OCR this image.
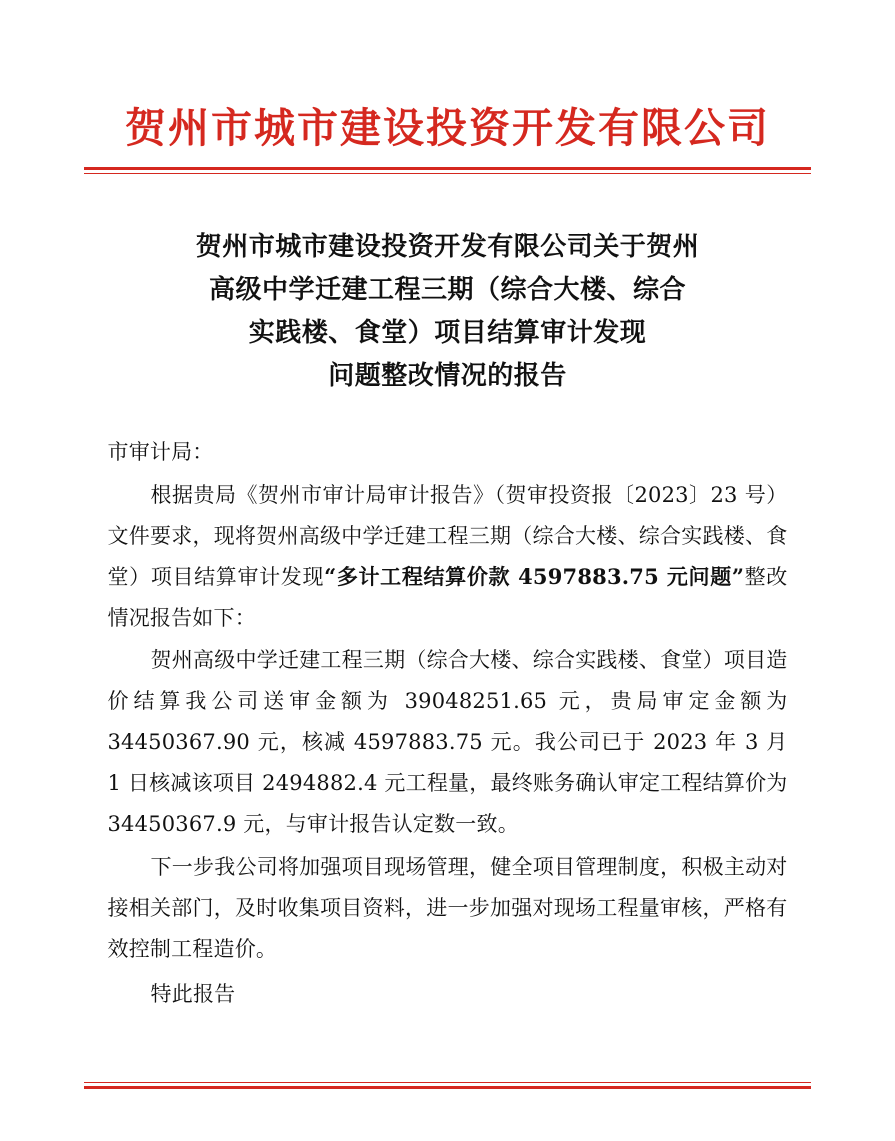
贺州市城市建设投资开发有限公司
贺州市城市建设投资开发有限公司关于贺州
高级中学迁建工程三期（综合大楼、综合
实践楼、食堂）项目结算审计发现
问题整改情况的报告

市审计局：

根据贵局《贺州市审计局审计报告》（贺审投资报〔2023〕23 号）文件要求，现将贺州高级中学迁建工程三期（综合大楼、综合实践楼、食堂）项目结算审计发现“多计工程结算价款 4597883.75 元问题”整改情况报告如下：

贺州高级中学迁建工程三期（综合大楼、综合实践楼、食堂）项目造价结算我公司送审金额为 39048251.65 元，贵局审定金额为 34450367.90 元，核减 4597883.75 元。我公司已于 2023 年 3 月 1 日核减该项目 2494882.4 元工程量，最终账务确认审定工程结算价为 34450367.9 元，与审计报告认定数一致。

下一步我公司将加强项目现场管理，健全项目管理制度，积极主动对接相关部门，及时收集项目资料，进一步加强对现场工程量审核，严格有效控制工程造价。

特此报告
